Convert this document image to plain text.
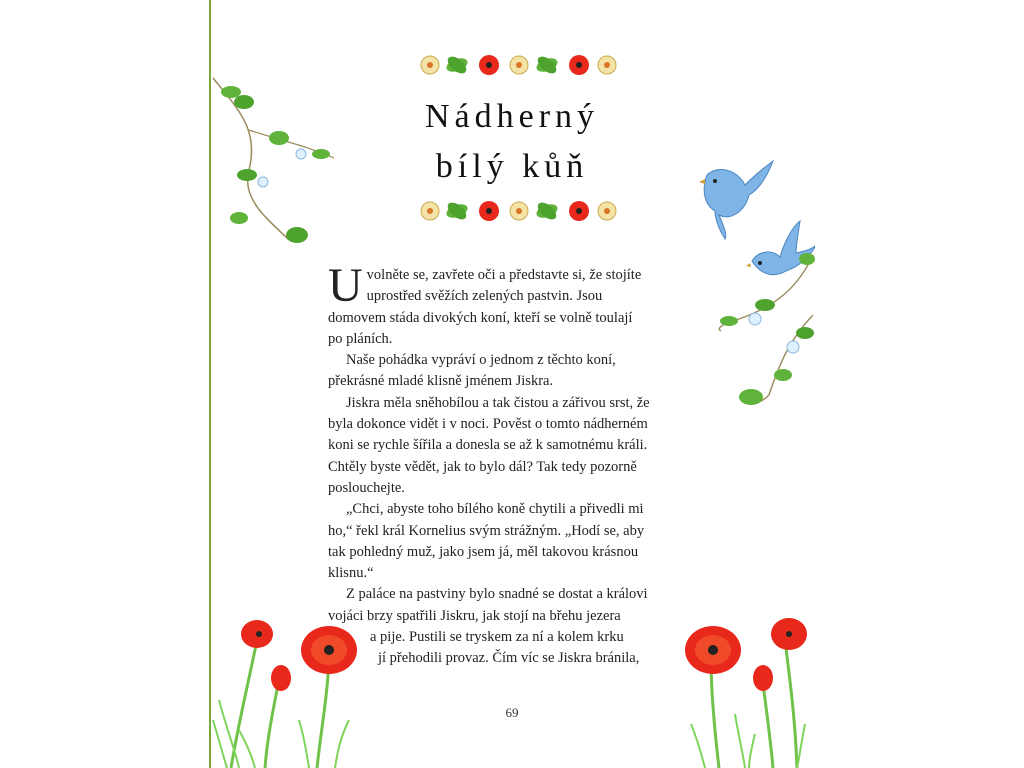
Nádherný
bílý kůň

Uvolněte se, zavřete oči a představte si, že stojíte

uprostřed svěžích zelených pastvin. Jsou

domovem stáda divokých koní, kteří se volně toulají

po pláních.

Naše pohádka vypráví o jednom z těchto koní,

překrásné mladé klisně jménem Jiskra.

Jiskra měla sněhobílou a tak čistou a zářivou srst, že

byla dokonce vidět i v noci. Pověst o tomto nádherném

koni se rychle šířila a donesla se až k samotnému králi.

Chtěly byste vědět, jak to bylo dál? Tak tedy pozorně

poslouchejte.

„Chci, abyste toho bílého koně chytili a přivedli mi

ho,“ řekl král Kornelius svým strážným. „Hodí se, aby

tak pohledný muž, jako jsem já, měl takovou krásnou

klisnu.“

Z paláce na pastviny bylo snadné se dostat a královi

vojáci brzy spatřili Jiskru, jak stojí na břehu jezera

a pije. Pustili se tryskem za ní a kolem krku

jí přehodili provaz. Čím víc se Jiskra bránila,

69
